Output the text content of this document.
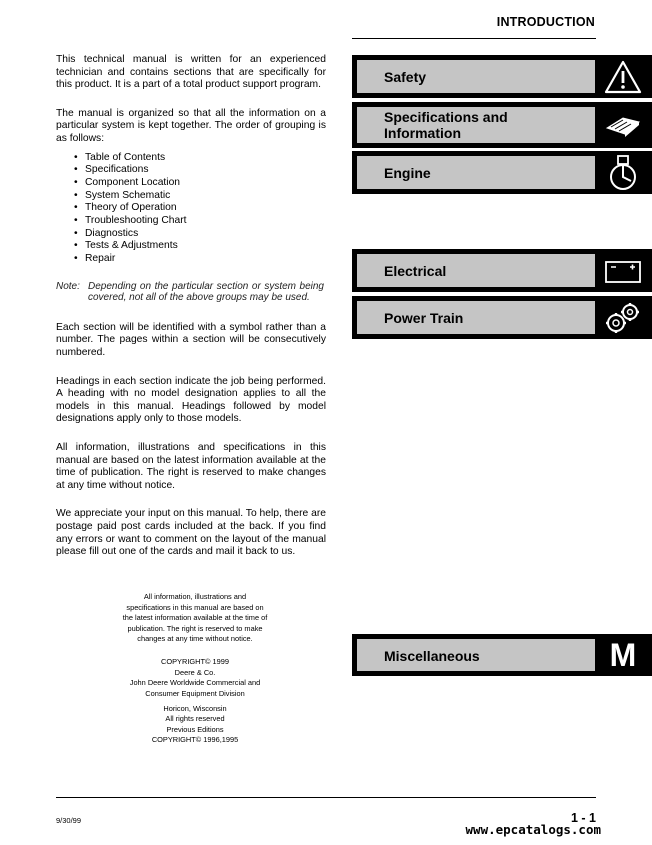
INTRODUCTION

This technical manual is written for an experienced technician and contains sections that are specifically for this product. It is a part of a total product support program.

The manual is organized so that all the information on a particular system is kept together. The order of grouping is as follows:

• Table of Contents
• Specifications
• Component Location
• System Schematic
• Theory of Operation
• Troubleshooting Chart
• Diagnostics
• Tests & Adjustments
• Repair
Note: Depending on the particular section or system being covered, not all of the above groups may be used.

Each section will be identified with a symbol rather than a number. The pages within a section will be consecutively numbered.

Headings in each section indicate the job being performed. A heading with no model designation applies to all the models in this manual. Headings followed by model designations apply only to those models.

All information, illustrations and specifications in this manual are based on the latest information available at the time of publication. The right is reserved to make changes at any time without notice.

We appreciate your input on this manual. To help, there are postage paid post cards included at the back. If you find any errors or want to comment on the layout of the manual please fill out one of the cards and mail it back to us.

All information, illustrations and
specifications in this manual are based on
the latest information available at the time of
publication. The right is reserved to make
changes at any time without notice.
COPYRIGHT© 1999
Deere & Co.
John Deere Worldwide Commercial and
Consumer Equipment Division
Horicon, Wisconsin
All rights reserved
Previous Editions
COPYRIGHT© 1996,1995
Safety
Specifications and
Information
Engine
Electrical
Power Train
Miscellaneous	M
9/30/99	1 - 1
www.epcatalogs.com
